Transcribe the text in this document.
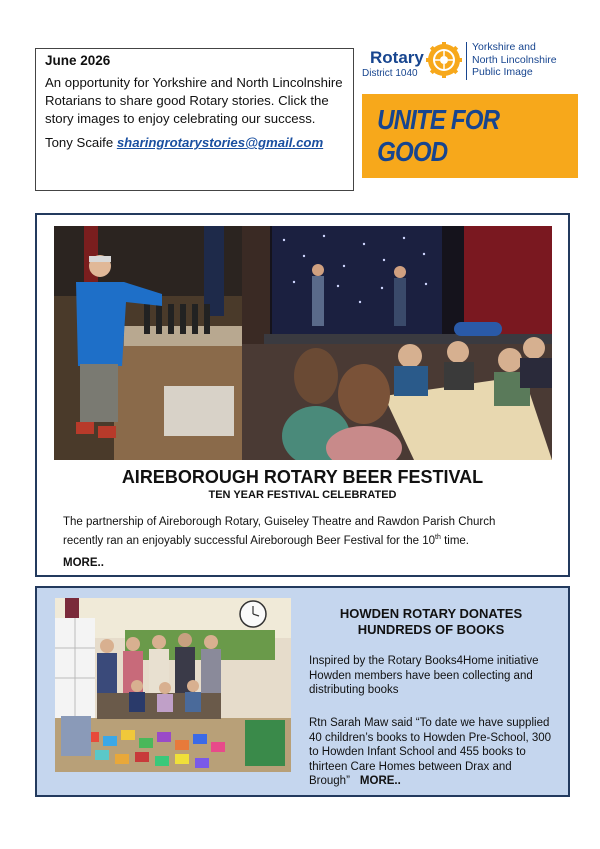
June 2026

An opportunity for Yorkshire and North Lincolnshire Rotarians to share good Rotary stories. Click the story images to enjoy celebrating our success.

Tony Scaife sharingrotarystories@gmail.com
Rotary
District 1040
Yorkshire and
North Lincolnshire
Public Image
UNITE FOR GOOD
AIREBOROUGH ROTARY BEER FESTIVAL
TEN YEAR FESTIVAL CELEBRATED
The partnership of Aireborough Rotary, Guiseley Theatre and Rawdon Parish Church recently ran an enjoyably successful Aireborough Beer Festival for the 10th time.
MORE..
HOWDEN ROTARY DONATES
HUNDREDS OF BOOKS
Inspired by the Rotary Books4Home initiative Howden members have been collecting and distributing books
Rtn Sarah Maw said “To date we have supplied 40 children’s books to Howden Pre-School, 300 to Howden Infant School and 455 books to thirteen Care Homes between Drax and Brough” MORE..
